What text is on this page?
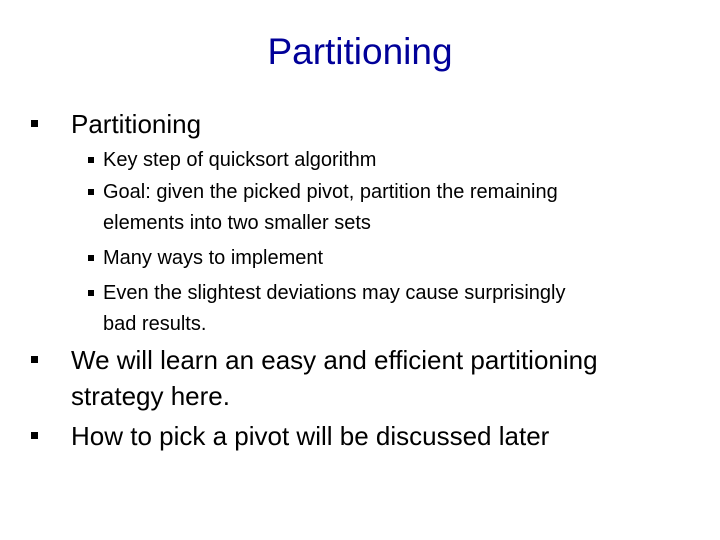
Partitioning
Partitioning
Key step of quicksort algorithm
Goal: given the picked pivot, partition the remaining
elements into two smaller sets
Many ways to implement
Even the slightest deviations may cause surprisingly
bad results.
We will learn an easy and efficient partitioning
strategy here.
How to pick a pivot will be discussed later
